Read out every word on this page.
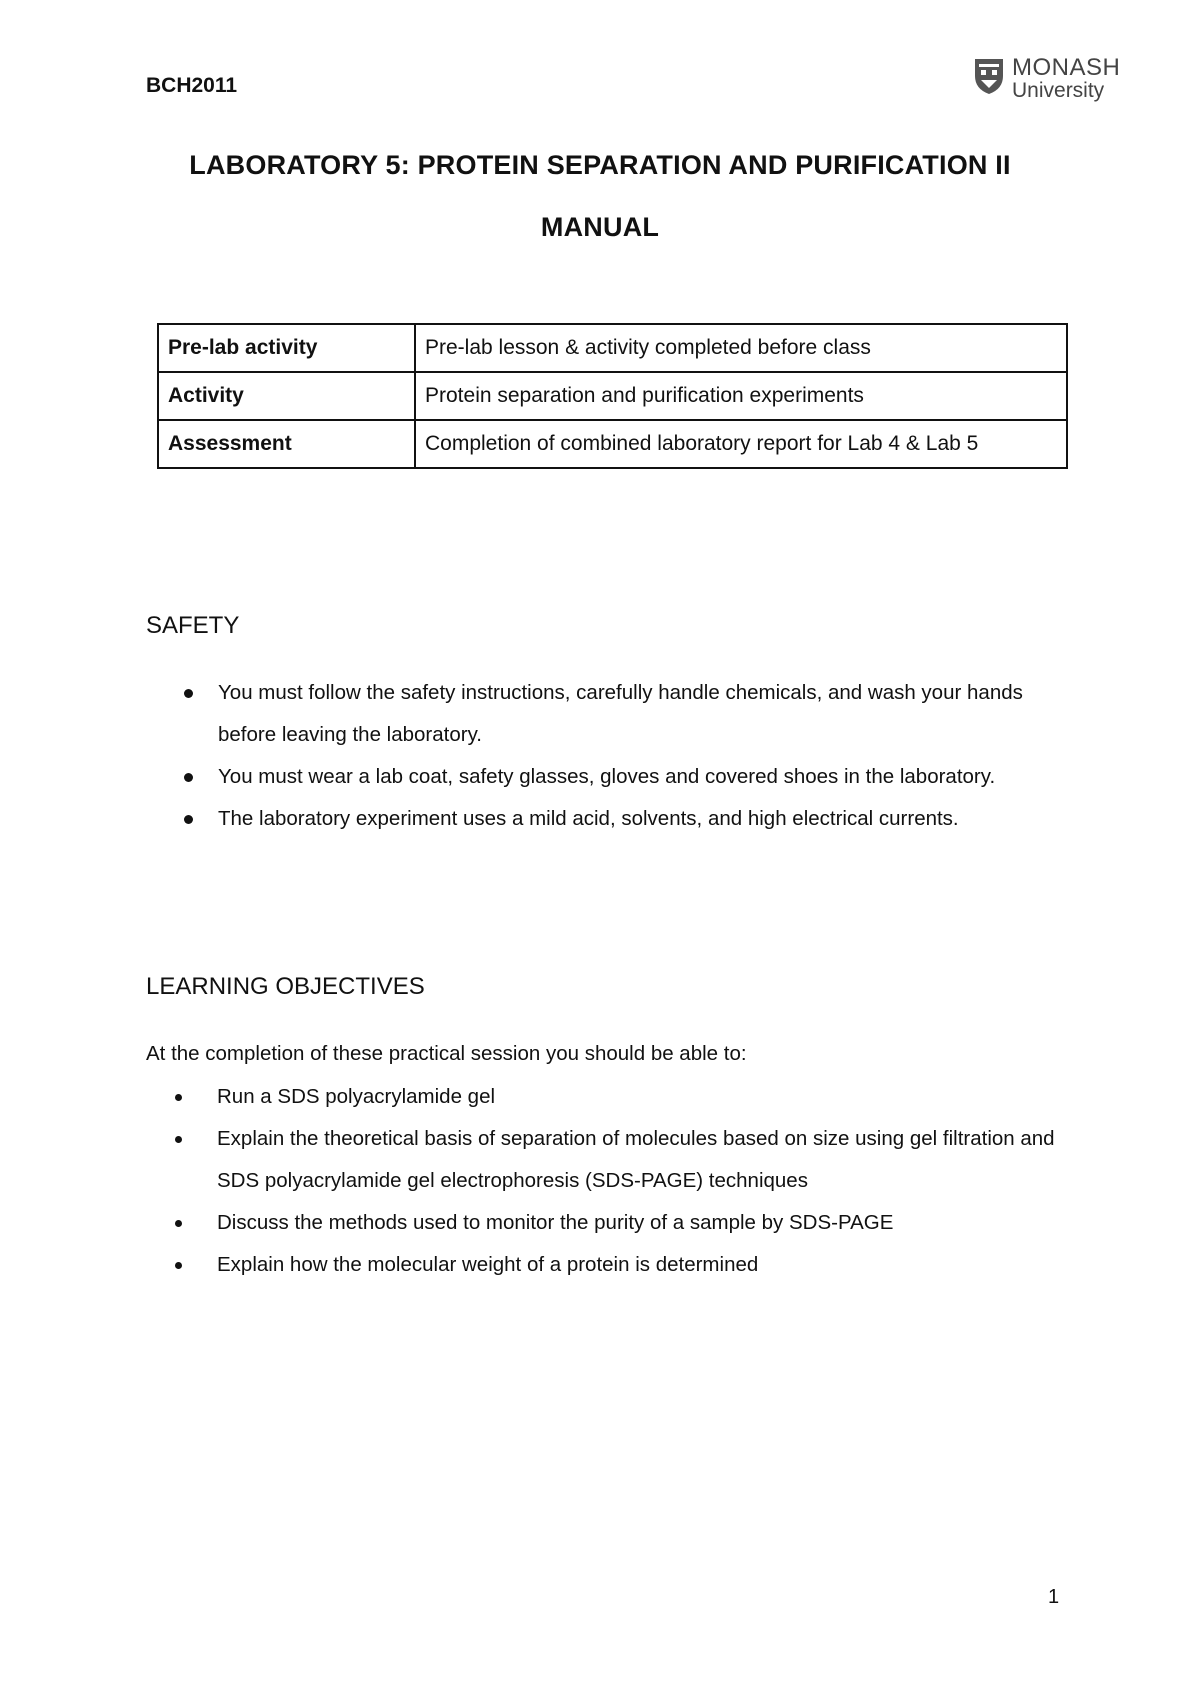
BCH2011
MONASH
University
LABORATORY 5: PROTEIN SEPARATION AND PURIFICATION II
MANUAL
Pre-lab activity	Pre-lab lesson & activity completed before class
Activity	Protein separation and purification experiments
Assessment	Completion of combined laboratory report for Lab 4 & Lab 5
SAFETY
You must follow the safety instructions, carefully handle chemicals, and wash your hands before leaving the laboratory.
You must wear a lab coat, safety glasses, gloves and covered shoes in the laboratory.
The laboratory experiment uses a mild acid, solvents, and high electrical currents.
LEARNING OBJECTIVES
At the completion of these practical session you should be able to:
Run a SDS polyacrylamide gel
Explain the theoretical basis of separation of molecules based on size using gel filtration and SDS polyacrylamide gel electrophoresis (SDS-PAGE) techniques
Discuss the methods used to monitor the purity of a sample by SDS-PAGE
Explain how the molecular weight of a protein is determined
1
